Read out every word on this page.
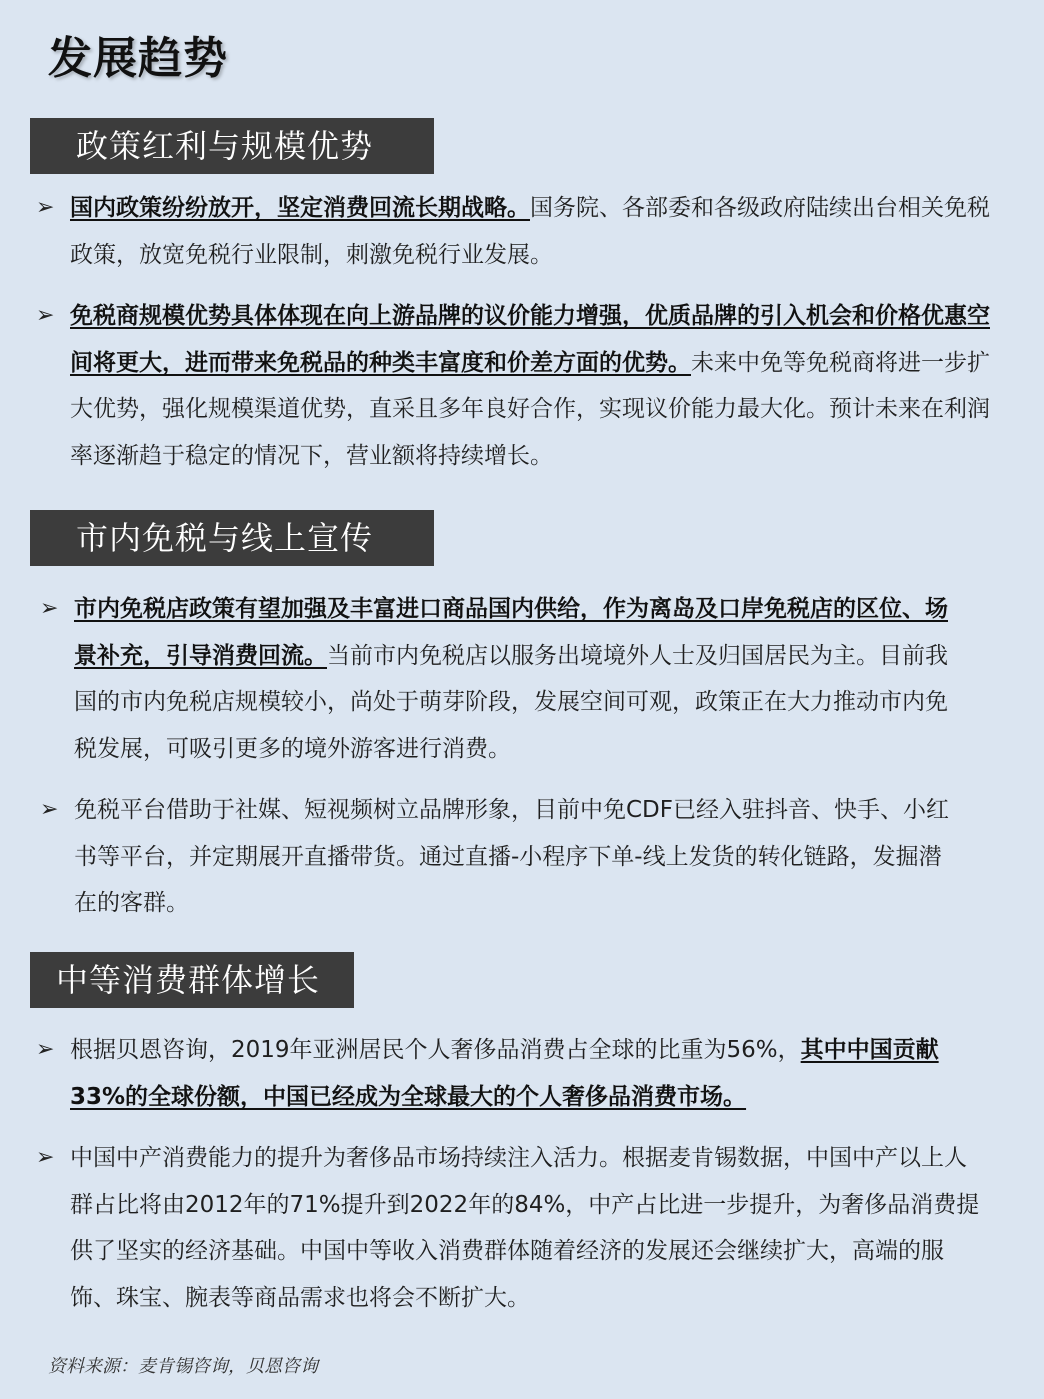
发展趋势
政策红利与规模优势
➢ 国内政策纷纷放开，坚定消费回流长期战略。国务院、各部委和各级政府陆续出台相关免税政策，放宽免税行业限制，刺激免税行业发展。
➢ 免税商规模优势具体体现在向上游品牌的议价能力增强，优质品牌的引入机会和价格优惠空间将更大，进而带来免税品的种类丰富度和价差方面的优势。未来中免等免税商将进一步扩大优势，强化规模渠道优势，直采且多年良好合作，实现议价能力最大化。预计未来在利润率逐渐趋于稳定的情况下，营业额将持续增长。
市内免税与线上宣传
➢ 市内免税店政策有望加强及丰富进口商品国内供给，作为离岛及口岸免税店的区位、场景补充，引导消费回流。当前市内免税店以服务出境境外人士及归国居民为主。目前我国的市内免税店规模较小，尚处于萌芽阶段，发展空间可观，政策正在大力推动市内免税发展，可吸引更多的境外游客进行消费。
➢ 免税平台借助于社媒、短视频树立品牌形象，目前中免CDF已经入驻抖音、快手、小红书等平台，并定期展开直播带货。通过直播-小程序下单-线上发货的转化链路，发掘潜在的客群。
中等消费群体增长
➢ 根据贝恩咨询，2019年亚洲居民个人奢侈品消费占全球的比重为56%，其中中国贡献33%的全球份额，中国已经成为全球最大的个人奢侈品消费市场。
➢ 中国中产消费能力的提升为奢侈品市场持续注入活力。根据麦肯锡数据，中国中产以上人群占比将由2012年的71%提升到2022年的84%，中产占比进一步提升，为奢侈品消费提供了坚实的经济基础。中国中等收入消费群体随着经济的发展还会继续扩大，高端的服饰、珠宝、腕表等商品需求也将会不断扩大。
资料来源：麦肯锡咨询，贝恩咨询
